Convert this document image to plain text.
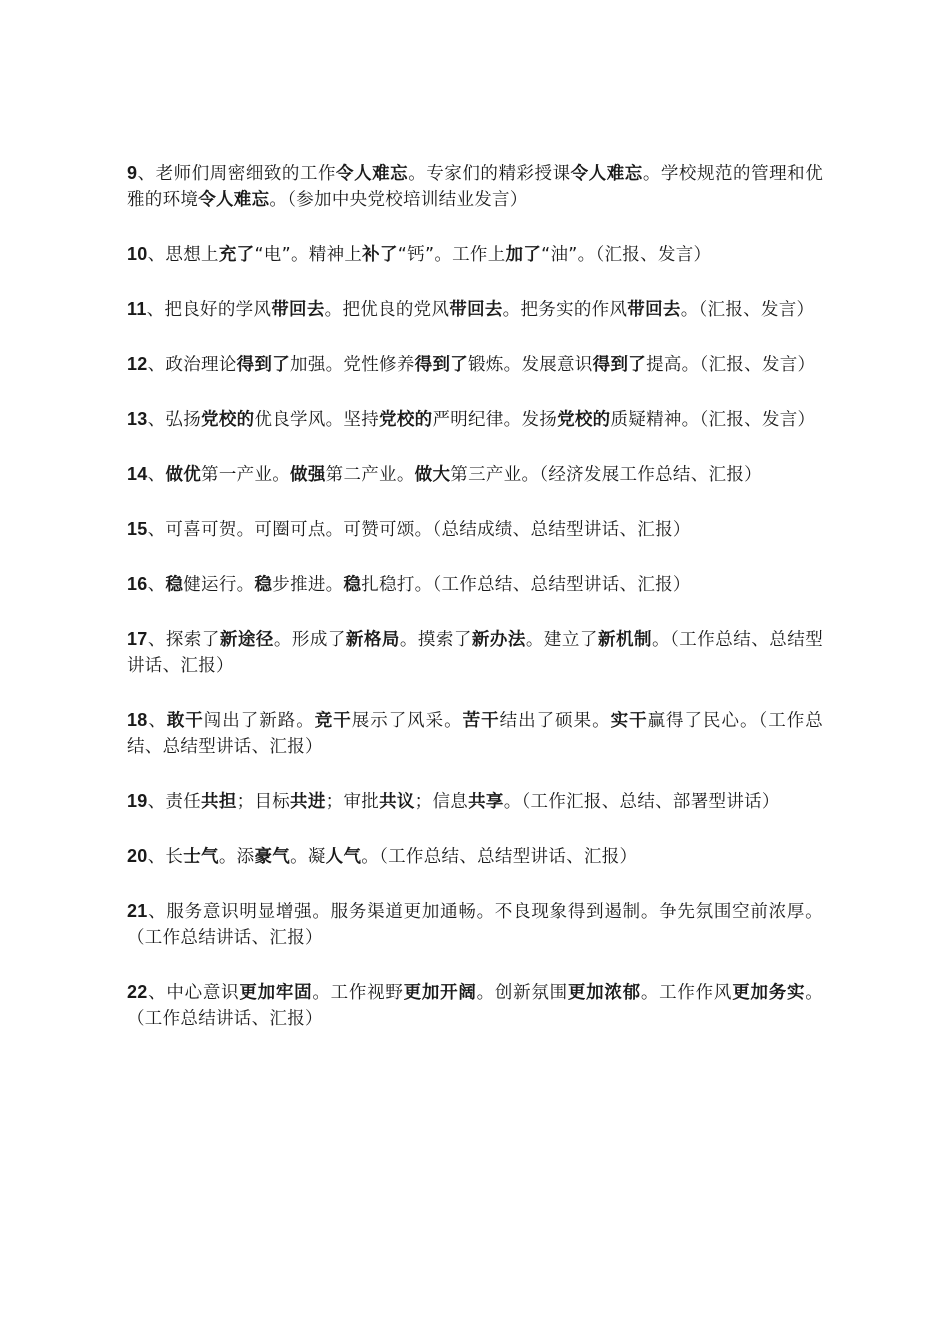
9、老师们周密细致的工作令人难忘。专家们的精彩授课令人难忘。学校规范的管理和优雅的环境令人难忘。（参加中央党校培训结业发言）

10、思想上充了“电”。精神上补了“钙”。工作上加了“油”。（汇报、发言）

11、把良好的学风带回去。把优良的党风带回去。把务实的作风带回去。（汇报、发言）

12、政治理论得到了加强。党性修养得到了锻炼。发展意识得到了提高。（汇报、发言）

13、弘扬党校的优良学风。坚持党校的严明纪律。发扬党校的质疑精神。（汇报、发言）

14、做优第一产业。做强第二产业。做大第三产业。（经济发展工作总结、汇报）

15、可喜可贺。可圈可点。可赞可颂。（总结成绩、总结型讲话、汇报）

16、稳健运行。稳步推进。稳扎稳打。（工作总结、总结型讲话、汇报）

17、探索了新途径。形成了新格局。摸索了新办法。建立了新机制。（工作总结、总结型讲话、汇报）

18、敢干闯出了新路。竞干展示了风采。苦干结出了硕果。实干赢得了民心。（工作总结、总结型讲话、汇报）

19、责任共担；目标共进；审批共议；信息共享。（工作汇报、总结、部署型讲话）

20、长士气。添豪气。凝人气。（工作总结、总结型讲话、汇报）

21、服务意识明显增强。服务渠道更加通畅。不良现象得到遏制。争先氛围空前浓厚。（工作总结讲话、汇报）

22、中心意识更加牢固。工作视野更加开阔。创新氛围更加浓郁。工作作风更加务实。（工作总结讲话、汇报）
